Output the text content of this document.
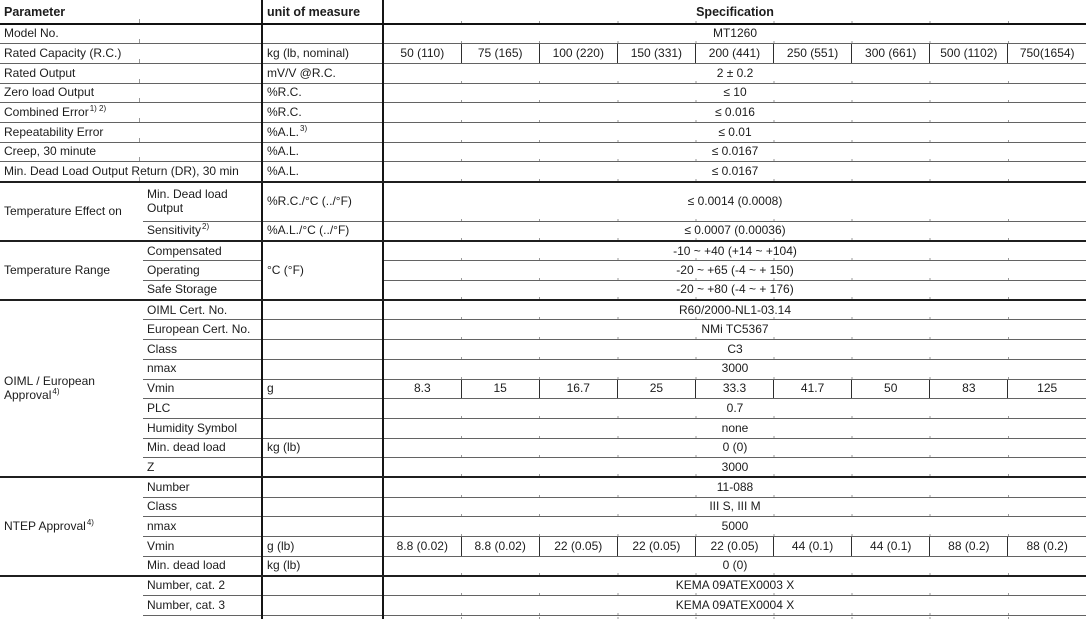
Parameter		unit of measure	Specification								
Model No.			MT1260								
Rated Capacity (R.C.)		kg (lb, nominal)	50 (110)	75 (165)	100 (220)	150 (331)	200 (441)	250 (551)	300 (661)	500 (1102)	750(1654)
Rated Output		mV/V @R.C.	2 ± 0.2								
Zero load Output		%R.C.	≤ 10								
Combined Error$^{1) 2)}$		%R.C.	≤ 0.016								
Repeatability Error		%A.L.$^{3)}$	≤ 0.01								
Creep, 30 minute		%A.L.	≤ 0.0167								
Min. Dead Load Output Return (DR), 30 min		%A.L.	≤ 0.0167								
Temperature Effect on	Min. Dead load Output	%R.C./°C (../°F)	≤ 0.0014 (0.0008)								
	Sensitivity$^{2)}$	%A.L./°C (../°F)	≤ 0.0007 (0.00036)								
Temperature Range	Compensated	°C (°F)	-10 ~ +40 (+14 ~ +104)								
	Operating		-20 ~ +65 (-4 ~ + 150)								
	Safe Storage		-20 ~ +80 (-4 ~ + 176)								
OIML / European Approval$^{4)}$	OIML Cert. No.		R60/2000-NL1-03.14								
	European Cert. No.		NMi TC5367								
	Class		C3								
	nmax		3000								
	Vmin	g	8.3	15	16.7	25	33.3	41.7	50	83	125
	PLC		0.7								
	Humidity Symbol		none								
	Min. dead load	kg (lb)	0 (0)								
	Z		3000								
NTEP Approval$^{4)}$	Number		11-088								
	Class		III S, III M								
	nmax		5000								
	Vmin	g (lb)	8.8 (0.02)	8.8 (0.02)	22 (0.05)	22 (0.05)	22 (0.05)	44 (0.1)	44 (0.1)	88 (0.2)	88 (0.2)
	Min. dead load	kg (lb)	0 (0)								
	Number, cat. 2		KEMA 09ATEX0003 X								
	Number, cat. 3		KEMA 09ATEX0004 X								
